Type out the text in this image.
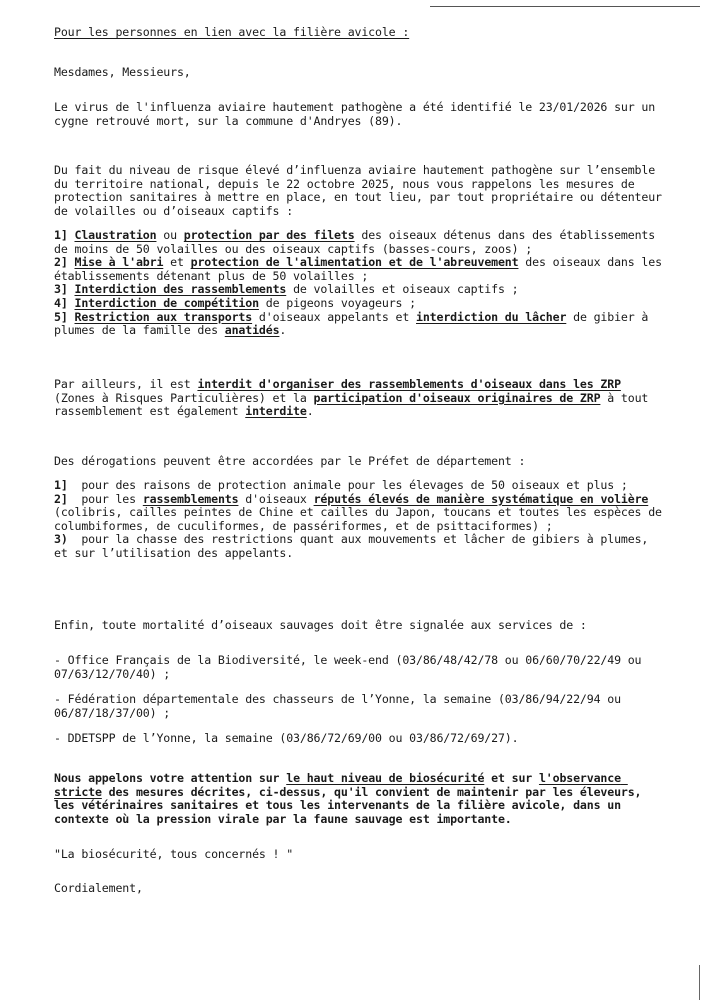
Pour les personnes en lien avec la filière avicole :

Mesdames, Messieurs,

Le virus de l'influenza aviaire hautement pathogène a été identifié le 23/01/2026 sur un cygne retrouvé mort, sur la commune d'Andryes (89).

Du fait du niveau de risque élevé d’influenza aviaire hautement pathogène sur l’ensemble du territoire national, depuis le 22 octobre 2025, nous vous rappelons les mesures de protection sanitaires à mettre en place, en tout lieu, par tout propriétaire ou détenteur de volailles ou d’oiseaux captifs :

1] Claustration ou protection par des filets des oiseaux détenus dans des établissements de moins de 50 volailles ou des oiseaux captifs (basses-cours, zoos) ;
2] Mise à l'abri et protection de l'alimentation et de l'abreuvement des oiseaux dans les établissements détenant plus de 50 volailles ;
3] Interdiction des rassemblements de volailles et oiseaux captifs ;
4] Interdiction de compétition de pigeons voyageurs ;
5] Restriction aux transports d'oiseaux appelants et interdiction du lâcher de gibier à plumes de la famille des anatidés.

Par ailleurs, il est interdit d'organiser des rassemblements d'oiseaux dans les ZRP (Zones à Risques Particulières) et la participation d'oiseaux originaires de ZRP à tout rassemblement est également interdite.

Des dérogations peuvent être accordées par le Préfet de département :

1]  pour des raisons de protection animale pour les élevages de 50 oiseaux et plus ;
2]  pour les rassemblements d'oiseaux réputés élevés de manière systématique en volière (colibris, cailles peintes de Chine et cailles du Japon, toucans et toutes les espèces de columbiformes, de cuculiformes, de passériformes, et de psittaciformes) ;
3)  pour la chasse des restrictions quant aux mouvements et lâcher de gibiers à plumes, et sur l’utilisation des appelants.

Enfin, toute mortalité d’oiseaux sauvages doit être signalée aux services de :

- Office Français de la Biodiversité, le week-end (03/86/48/42/78 ou 06/60/70/22/49 ou 07/63/12/70/40) ;
- Fédération départementale des chasseurs de l’Yonne, la semaine (03/86/94/22/94 ou 06/87/18/37/00) ;
- DDETSPP de l’Yonne, la semaine (03/86/72/69/00 ou 03/86/72/69/27).

Nous appelons votre attention sur le haut niveau de biosécurité et sur l'observance stricte des mesures décrites, ci-dessus, qu'il convient de maintenir par les éleveurs, les vétérinaires sanitaires et tous les intervenants de la filière avicole, dans un contexte où la pression virale par la faune sauvage est importante.

"La biosécurité, tous concernés ! "

Cordialement,
